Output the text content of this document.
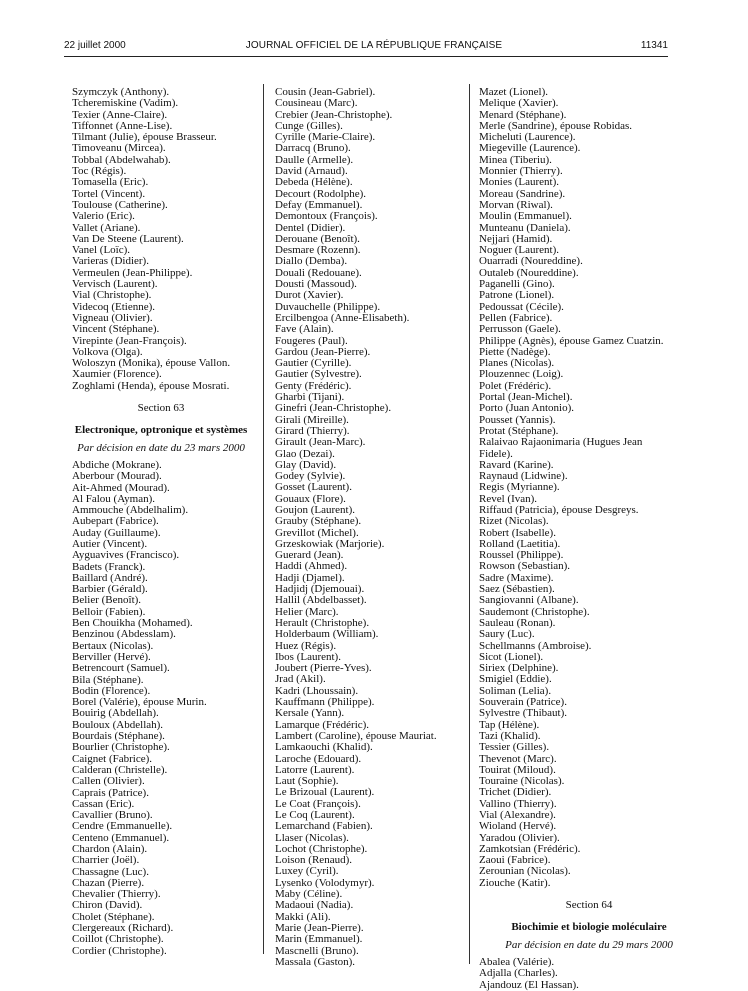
22 juillet 2000	JOURNAL OFFICIEL DE LA RÉPUBLIQUE FRANÇAISE	11341
Szymczyk (Anthony).
Tcheremiskine (Vadim).
Texier (Anne-Claire).
Tiffonnet (Anne-Lise).
Tilmant (Julie), épouse Brasseur.
Timoveanu (Mircea).
Tobbal (Abdelwahab).
Toc (Régis).
Tomasella (Eric).
Tortel (Vincent).
Toulouse (Catherine).
Valerio (Eric).
Vallet (Ariane).
Van De Steene (Laurent).
Vanel (Loïc).
Varieras (Didier).
Vermeulen (Jean-Philippe).
Vervisch (Laurent).
Vial (Christophe).
Videcoq (Etienne).
Vigneau (Olivier).
Vincent (Stéphane).
Virepinte (Jean-François).
Volkova (Olga).
Woloszyn (Monika), épouse Vallon.
Xaumier (Florence).
Zoghlami (Henda), épouse Mosrati.
Section 63
Electronique, optronique et systèmes
Par décision en date du 23 mars 2000
Abdiche (Mokrane).
Aberbour (Mourad).
Ait-Ahmed (Mourad).
Al Falou (Ayman).
Ammouche (Abdelhalim).
Aubepart (Fabrice).
Auday (Guillaume).
Autier (Vincent).
Ayguavives (Francisco).
Badets (Franck).
Baillard (André).
Barbier (Gérald).
Belier (Benoît).
Belloir (Fabien).
Ben Chouikha (Mohamed).
Benzinou (Abdesslam).
Bertaux (Nicolas).
Berviller (Hervé).
Betrencourt (Samuel).
Bila (Stéphane).
Bodin (Florence).
Borel (Valérie), épouse Murin.
Bouirig (Abdellah).
Bouloux (Abdellah).
Bourdais (Stéphane).
Bourlier (Christophe).
Caignet (Fabrice).
Calderan (Christelle).
Callen (Olivier).
Caprais (Patrice).
Cassan (Eric).
Cavallier (Bruno).
Cendre (Emmanuelle).
Centeno (Emmanuel).
Chardon (Alain).
Charrier (Joël).
Chassagne (Luc).
Chazan (Pierre).
Chevalier (Thierry).
Chiron (David).
Cholet (Stéphane).
Clergereaux (Richard).
Coillot (Christophe).
Cordier (Christophe).
Cousin (Jean-Gabriel).
Cousineau (Marc).
Crebier (Jean-Christophe).
Cunge (Gilles).
Cyrille (Marie-Claire).
Darracq (Bruno).
Daulle (Armelle).
David (Arnaud).
Debeda (Hélène).
Decourt (Rodolphe).
Defay (Emmanuel).
Demontoux (François).
Dentel (Didier).
Derouane (Benoît).
Desmare (Rozenn).
Diallo (Demba).
Douali (Redouane).
Dousti (Massoud).
Durot (Xavier).
Duvauchelle (Philippe).
Ercilbengoa (Anne-Elisabeth).
Fave (Alain).
Fougeres (Paul).
Gardou (Jean-Pierre).
Gautier (Cyrille).
Gautier (Sylvestre).
Genty (Frédéric).
Gharbi (Tijani).
Ginefri (Jean-Christophe).
Girali (Mireille).
Girard (Thierry).
Girault (Jean-Marc).
Glao (Dezai).
Glay (David).
Godey (Sylvie).
Gosset (Laurent).
Gouaux (Flore).
Goujon (Laurent).
Grauby (Stéphane).
Grevillot (Michel).
Grzeskowiak (Marjorie).
Guerard (Jean).
Haddi (Ahmed).
Hadji (Djamel).
Hadjidj (Djemouai).
Hallil (Abdelbasset).
Helier (Marc).
Herault (Christophe).
Holderbaum (William).
Huez (Régis).
Ibos (Laurent).
Joubert (Pierre-Yves).
Jrad (Akil).
Kadri (Lhoussain).
Kauffmann (Philippe).
Kersale (Yann).
Lamarque (Frédéric).
Lambert (Caroline), épouse Mauriat.
Lamkaouchi (Khalid).
Laroche (Edouard).
Latorre (Laurent).
Laut (Sophie).
Le Brizoual (Laurent).
Le Coat (François).
Le Coq (Laurent).
Lemarchand (Fabien).
Llaser (Nicolas).
Lochot (Christophe).
Loison (Renaud).
Luxey (Cyril).
Lysenko (Volodymyr).
Maby (Céline).
Madaoui (Nadia).
Makki (Ali).
Marie (Jean-Pierre).
Marin (Emmanuel).
Mascnelli (Bruno).
Massala (Gaston).
Mazet (Lionel).
Melique (Xavier).
Menard (Stéphane).
Merle (Sandrine), épouse Robidas.
Micheluti (Laurence).
Miegeville (Laurence).
Minea (Tiberiu).
Monnier (Thierry).
Monies (Laurent).
Moreau (Sandrine).
Morvan (Riwal).
Moulin (Emmanuel).
Munteanu (Daniela).
Nejjari (Hamid).
Noguer (Laurent).
Ouarradi (Noureddine).
Outaleb (Noureddine).
Paganelli (Gino).
Patrone (Lionel).
Pedoussat (Cécile).
Pellen (Fabrice).
Perrusson (Gaele).
Philippe (Agnès), épouse Gamez Cuatzin.
Piette (Nadège).
Planes (Nicolas).
Plouzennec (Loig).
Polet (Frédéric).
Portal (Jean-Michel).
Porto (Juan Antonio).
Pousset (Yannis).
Protat (Stéphane).
Ralaivao Rajaonimaria (Hugues Jean
Fidele).
Ravard (Karine).
Raynaud (Lidwine).
Regis (Myrianne).
Revel (Ivan).
Riffaud (Patricia), épouse Desgreys.
Rizet (Nicolas).
Robert (Isabelle).
Rolland (Laetitia).
Roussel (Philippe).
Rowson (Sebastian).
Sadre (Maxime).
Saez (Sébastien).
Sangiovanni (Albane).
Saudemont (Christophe).
Sauleau (Ronan).
Saury (Luc).
Schellmanns (Ambroise).
Sicot (Lionel).
Siriex (Delphine).
Smigiel (Eddie).
Soliman (Lelia).
Souverain (Patrice).
Sylvestre (Thibaut).
Tap (Hélène).
Tazi (Khalid).
Tessier (Gilles).
Thevenot (Marc).
Touirat (Miloud).
Touraine (Nicolas).
Trichet (Didier).
Vallino (Thierry).
Vial (Alexandre).
Wioland (Hervé).
Yaradou (Olivier).
Zamkotsian (Frédéric).
Zaoui (Fabrice).
Zerounian (Nicolas).
Ziouche (Katir).
Section 64
Biochimie et biologie moléculaire
Par décision en date du 29 mars 2000
Abalea (Valérie).
Adjalla (Charles).
Ajandouz (El Hassan).
